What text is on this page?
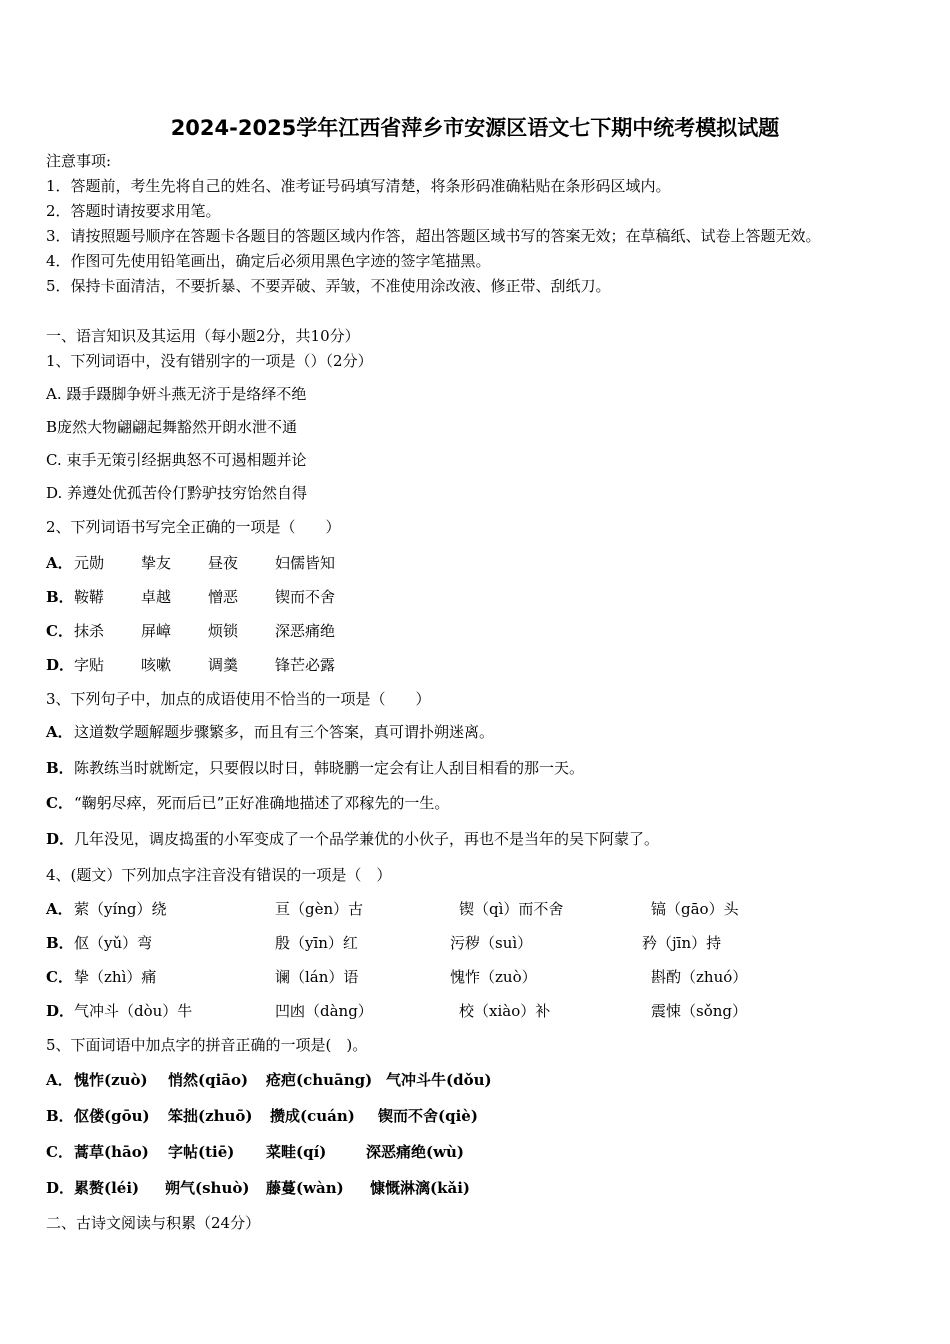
2024-2025学年江西省萍乡市安源区语文七下期中统考模拟试题
注意事项:
1．答题前，考生先将自己的姓名、准考证号码填写清楚，将条形码准确粘贴在条形码区域内。
2．答题时请按要求用笔。
3．请按照题号顺序在答题卡各题目的答题区域内作答，超出答题区域书写的答案无效；在草稿纸、试卷上答题无效。
4．作图可先使用铅笔画出，确定后必须用黑色字迹的签字笔描黑。
5．保持卡面清洁，不要折暴、不要弄破、弄皱，不准使用涂改液、修正带、刮纸刀。
一、语言知识及其运用（每小题2分，共10分）
1、下列词语中，没有错别字的一项是（）（2分）
A. 蹑手蹑脚争妍斗燕无济于是络绎不绝
B庞然大物翩翩起舞豁然开朗水泄不通
C. 束手无策引经据典怒不可遏相题并论
D. 养遵处优孤苦伶仃黔驴技穷饴然自得
2、下列词语书写完全正确的一项是（　　）
A． 元勋 挚友 昼夜 妇儒皆知
B． 鞍鞯 卓越 憎恶 锲而不舍
C． 抹杀 屏嶂 烦锁 深恶痛绝
D． 字贴 咳嗽 调羹 锋芒必露
3、下列句子中，加点的成语使用不恰当的一项是（　　）
A． 这道数学题解题步骤繁多，而且有三个答案，真可谓扑朔迷离。
B． 陈教练当时就断定，只要假以时日，韩晓鹏一定会有让人刮目相看的那一天。
C． “鞠躬尽瘁，死而后已”正好准确地描述了邓稼先的一生。
D． 几年没见，调皮捣蛋的小军变成了一个品学兼优的小伙子，再也不是当年的吴下阿蒙了。
4、(题文）下列加点字注音没有错误的一项是（　）
A． 萦（yíng）绕	亘（gèn）古	锲（qì）而不舍	镐（gāo）头
B． 伛（yǔ）弯	殷（yīn）红	污秽（suì）	矜（jīn）持
C． 挚（zhì）痛	谰（lán）语	愧怍（zuò）	斟酌（zhuó）
D． 气冲斗（dòu）牛	凹凼（dàng）	校（xiào）补	震悚（sǒng）
5、下面词语中加点字的拼音正确的一项是(　)。
A． 愧怍(zuò) 悄然(qiāo) 疮疤(chuāng) 气冲斗牛(dǒu)
B． 伛偻(gōu) 笨拙(zhuō) 攒成(cuán) 锲而不舍(qiè)
C． 蒿草(hāo) 字帖(tiē) 菜畦(qí)	深恶痛绝(wù)
D． 累赘(léi) 朔气(shuò) 藤蔓(wàn) 慷慨淋漓(kǎi)
二、古诗文阅读与积累（24分）
